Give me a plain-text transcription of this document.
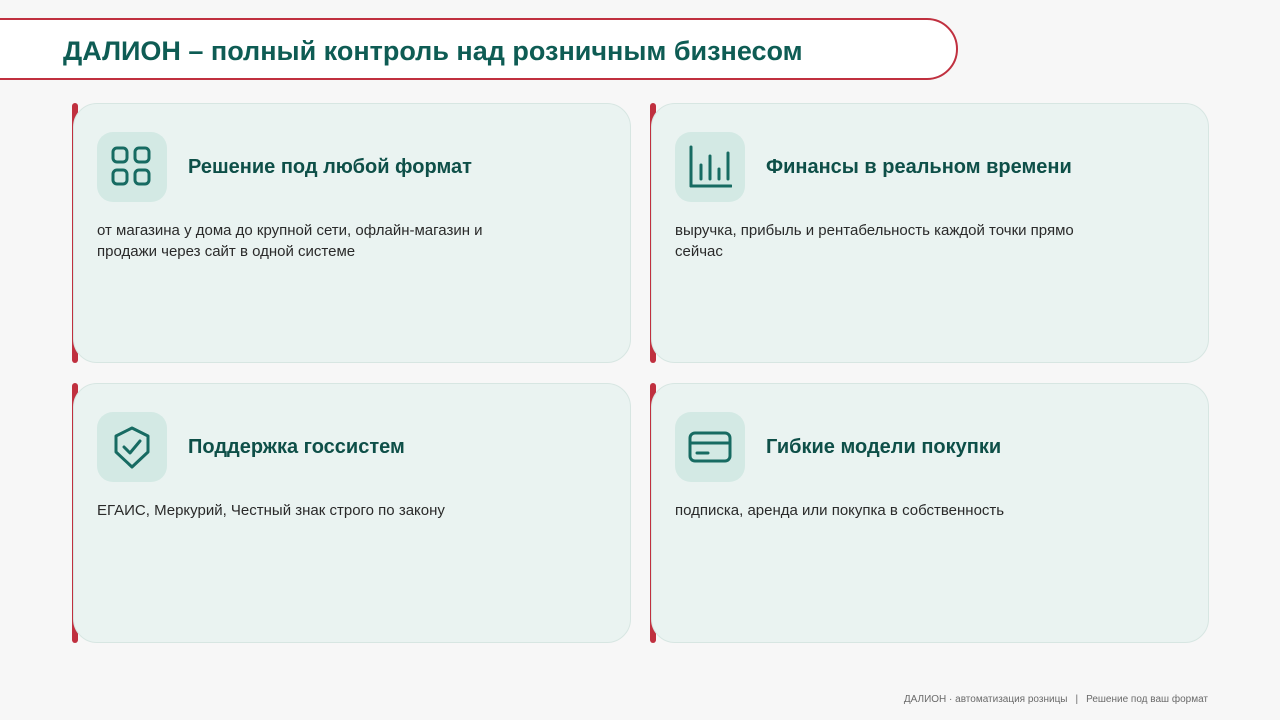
ДАЛИОН – полный контроль над розничным бизнесом
Решение под любой формат

от магазина у дома до крупной сети, офлайн-магазин и продажи через сайт в одной системе

Финансы в реальном времени

выручка, прибыль и рентабельность каждой точки прямо сейчас

Поддержка госсистем

ЕГАИС, Меркурий, Честный знак строго по закону

Гибкие модели покупки

подписка, аренда или покупка в собственность

ДАЛИОН · автоматизация розницы | Решение под ваш формат
